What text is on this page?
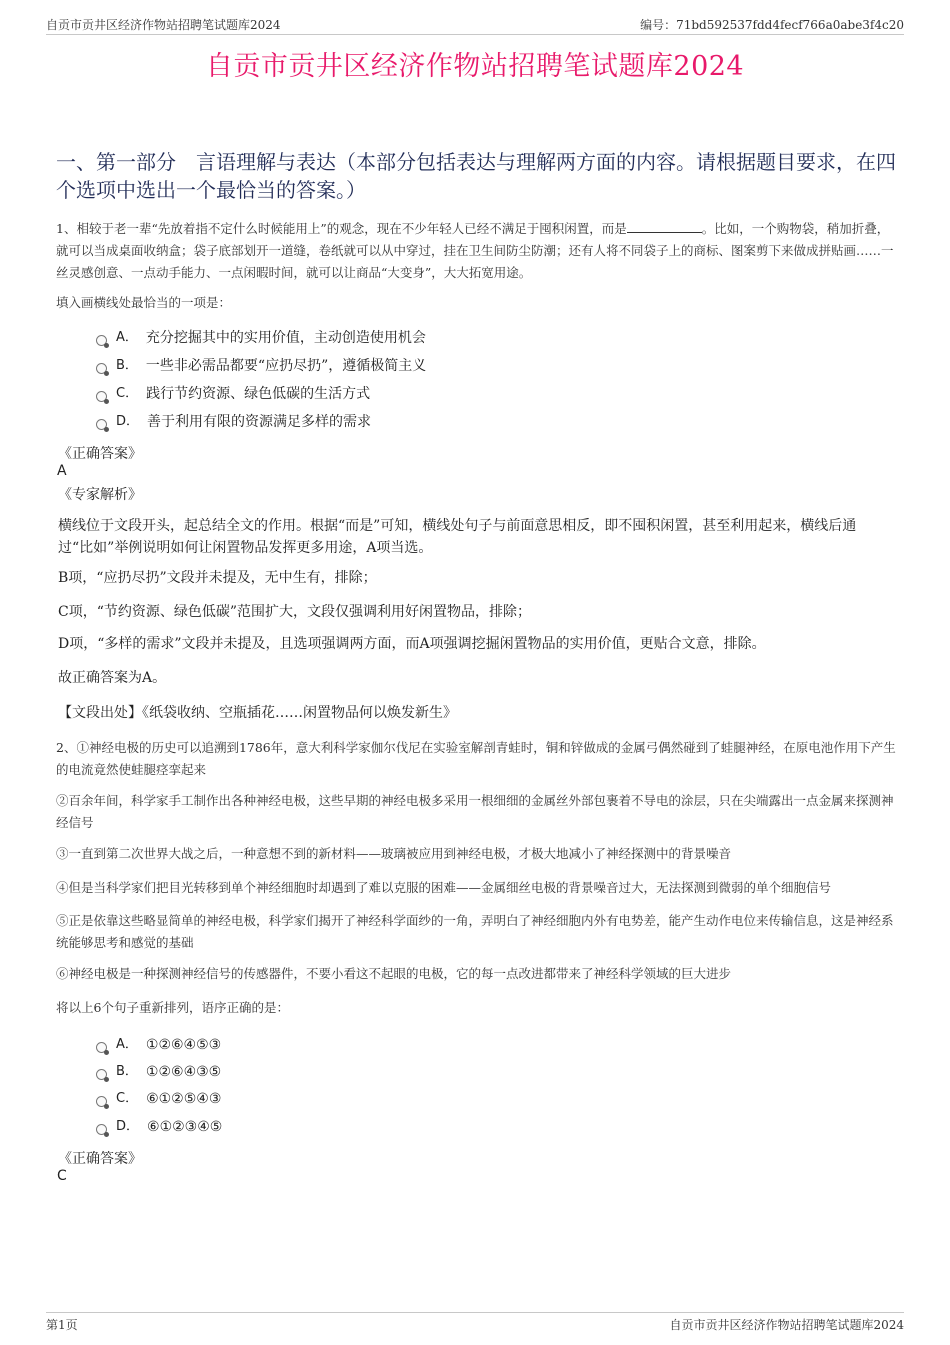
自贡市贡井区经济作物站招聘笔试题库2024	编号：71bd592537fdd4fecf766a0abe3f4c20
自贡市贡井区经济作物站招聘笔试题库2024
一、第一部分　言语理解与表达（本部分包括表达与理解两方面的内容。请根据题目要求，在四个选项中选出一个最恰当的答案。）
1、相较于老一辈“先放着指不定什么时候能用上”的观念，现在不少年轻人已经不满足于囤积闲置，而是	。比如，一个购物袋，稍加折叠，就可以当成桌面收纳盒；袋子底部划开一道缝，卷纸就可以从中穿过，挂在卫生间防尘防潮；还有人将不同袋子上的商标、图案剪下来做成拼贴画……一丝灵感创意、一点动手能力、一点闲暇时间，就可以让商品“大变身”，大大拓宽用途。
填入画横线处最恰当的一项是：
A． 充分挖掘其中的实用价值，主动创造使用机会
B． 一些非必需品都要“应扔尽扔”，遵循极简主义
C． 践行节约资源、绿色低碳的生活方式
D． 善于利用有限的资源满足多样的需求
《正确答案》
A
《专家解析》
横线位于文段开头，起总结全文的作用。根据“而是”可知，横线处句子与前面意思相反，即不囤积闲置，甚至利用起来，横线后通过“比如”举例说明如何让闲置物品发挥更多用途，A项当选。
B项，“应扔尽扔”文段并未提及，无中生有，排除；
C项，“节约资源、绿色低碳”范围扩大，文段仅强调利用好闲置物品，排除；
D项，“多样的需求”文段并未提及，且选项强调两方面，而A项强调挖掘闲置物品的实用价值，更贴合文意，排除。
故正确答案为A。
【文段出处】《纸袋收纳、空瓶插花……闲置物品何以焕发新生》
2、①神经电极的历史可以追溯到1786年，意大利科学家伽尔伐尼在实验室解剖青蛙时，铜和锌做成的金属弓偶然碰到了蛙腿神经，在原电池作用下产生的电流竟然使蛙腿痉挛起来
②百余年间，科学家手工制作出各种神经电极，这些早期的神经电极多采用一根细细的金属丝外部包裹着不导电的涂层，只在尖端露出一点金属来探测神经信号
③一直到第二次世界大战之后，一种意想不到的新材料——玻璃被应用到神经电极，才极大地减小了神经探测中的背景噪音
④但是当科学家们把目光转移到单个神经细胞时却遇到了难以克服的困难——金属细丝电极的背景噪音过大，无法探测到微弱的单个细胞信号
⑤正是依靠这些略显简单的神经电极，科学家们揭开了神经科学面纱的一角，弄明白了神经细胞内外有电势差，能产生动作电位来传输信息，这是神经系统能够思考和感觉的基础
⑥神经电极是一种探测神经信号的传感器件，不要小看这不起眼的电极，它的每一点改进都带来了神经科学领域的巨大进步
将以上6个句子重新排列，语序正确的是：
A． ①②⑥④⑤③
B． ①②⑥④③⑤
C． ⑥①②⑤④③
D． ⑥①②③④⑤
《正确答案》
C
第1页	自贡市贡井区经济作物站招聘笔试题库2024
